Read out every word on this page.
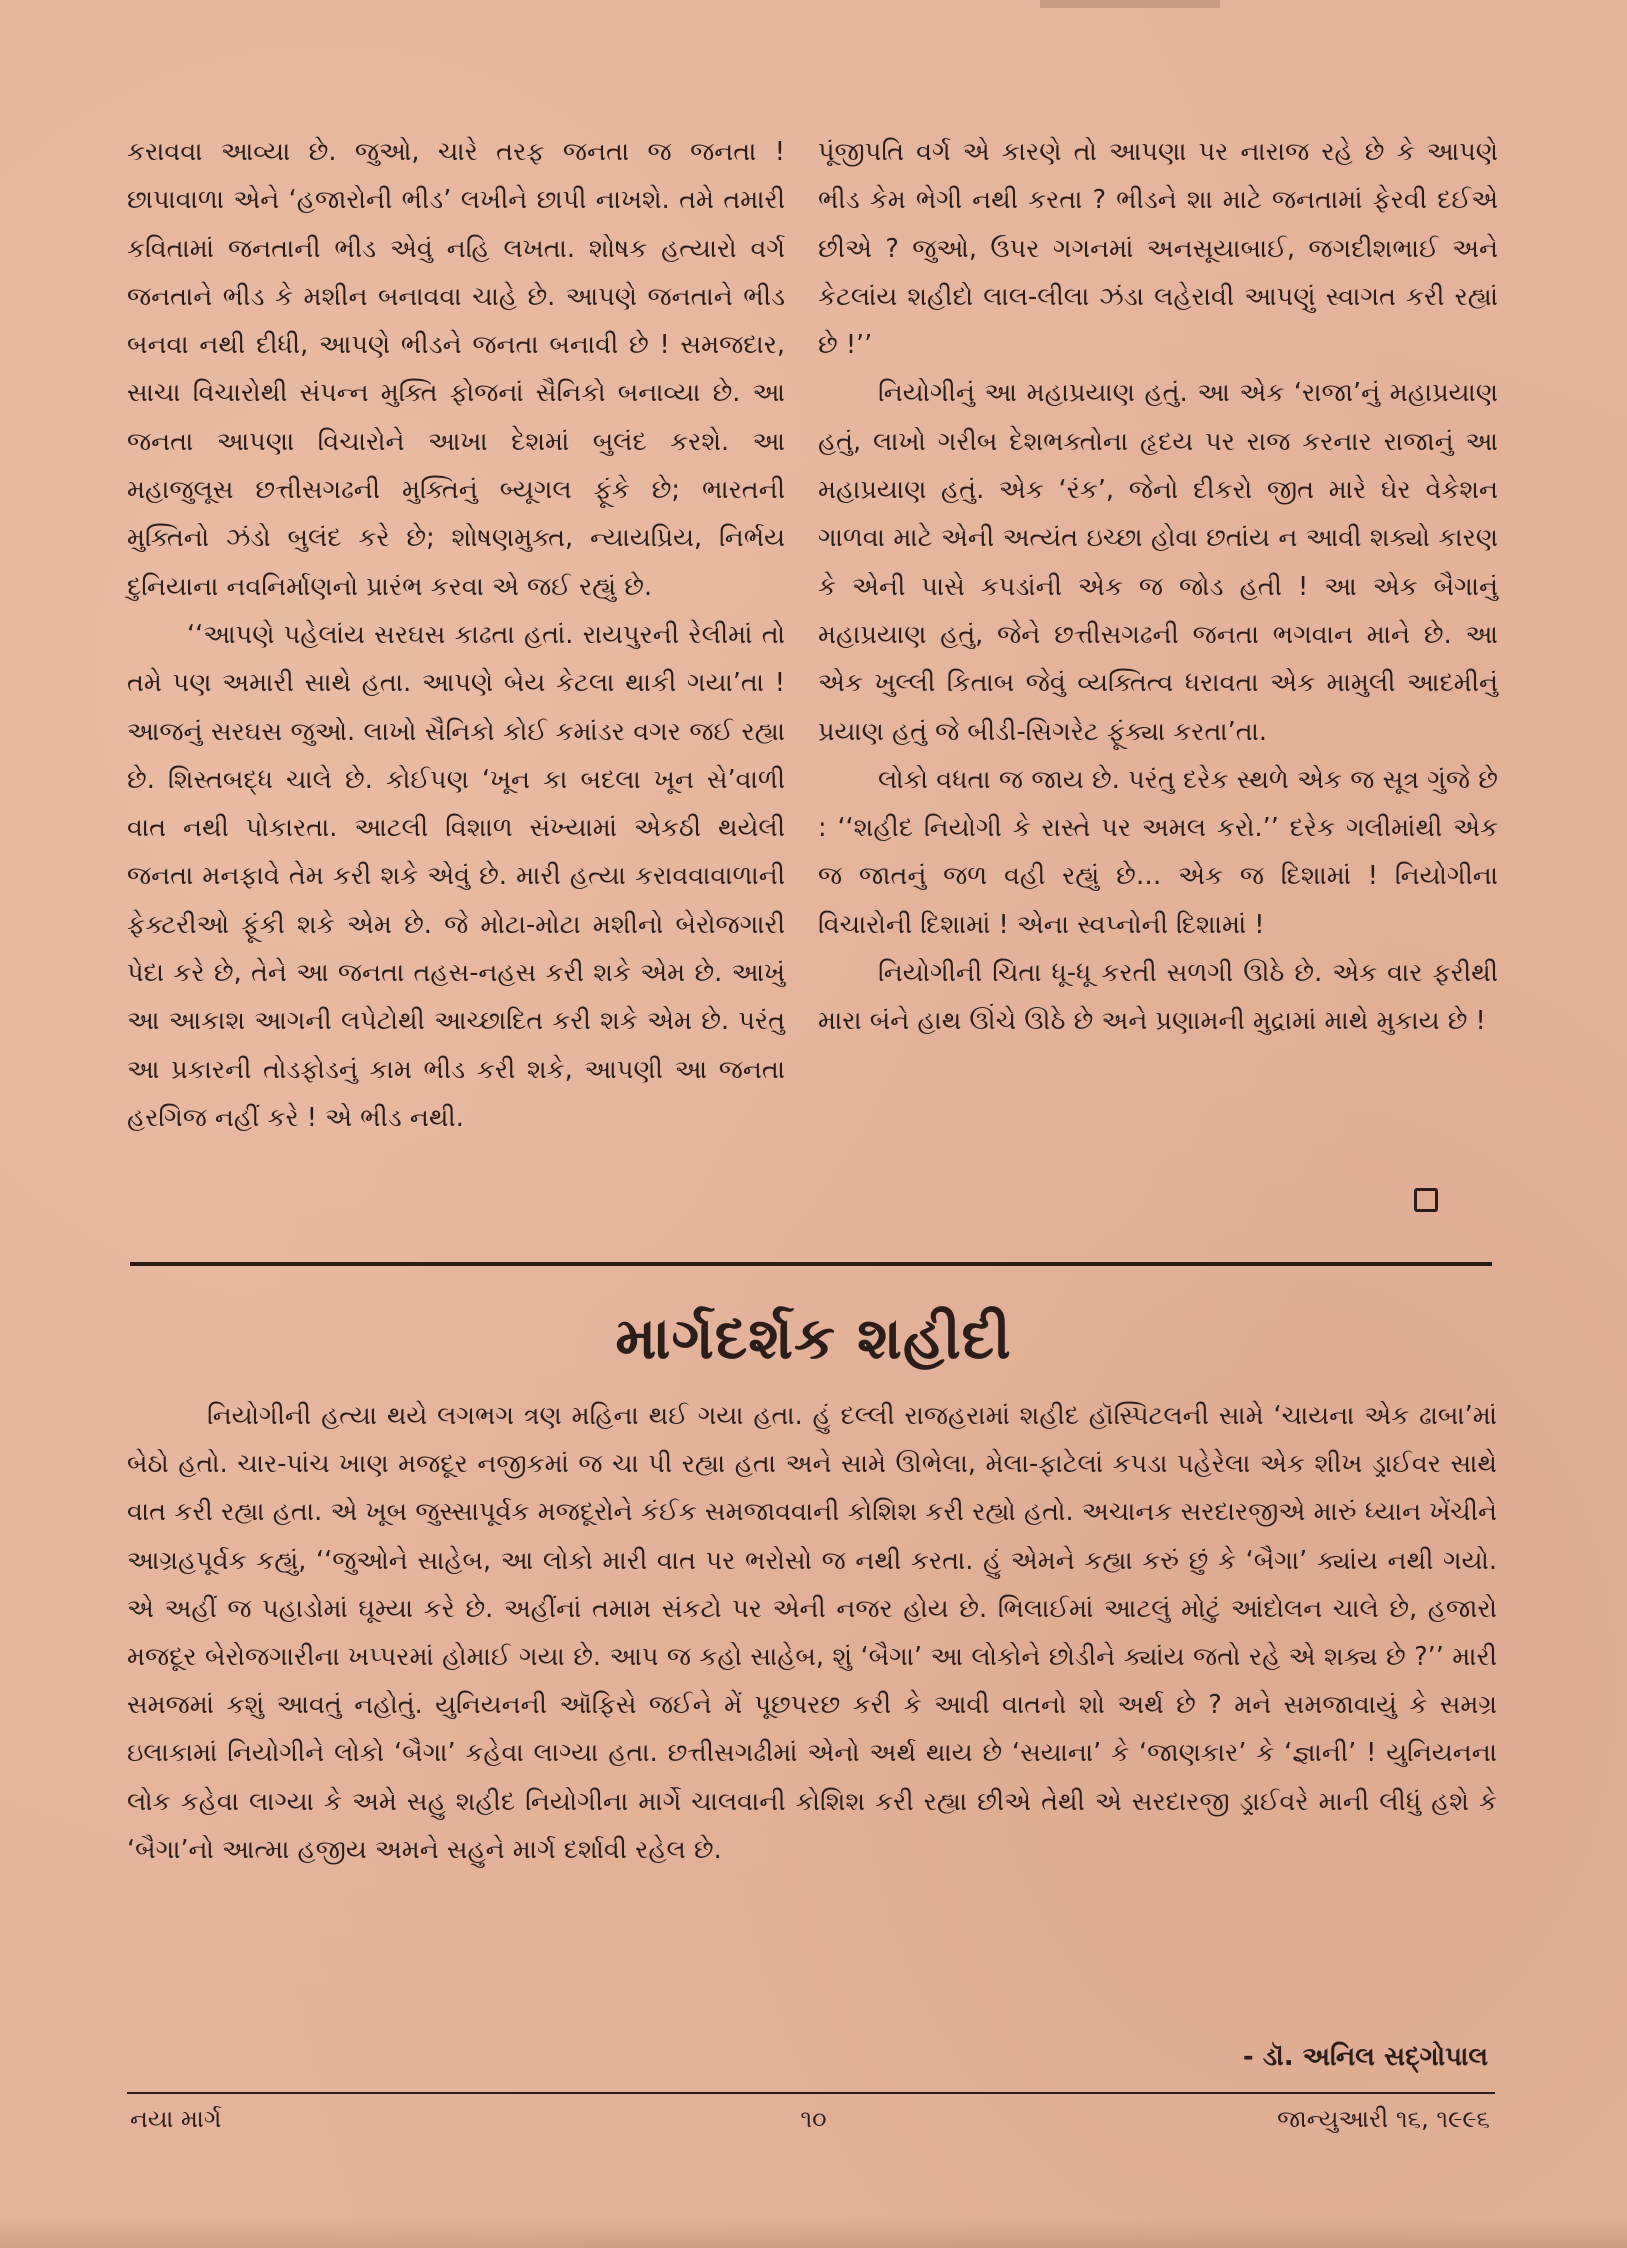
કરાવવા આવ્યા છે. જુઓ, ચારે તરફ જનતા જ જનતા ! છાપાવાળા એને ‘હજારોની ભીડ’ લખીને છાપી નાખશે. તમે તમારી કવિતામાં જનતાની ભીડ એવું નહિ લખતા. શોષક હત્યારો વર્ગ જનતાને ભીડ કે મશીન બનાવવા ચાહે છે. આપણે જનતાને ભીડ બનવા નથી દીધી, આપણે ભીડને જનતા બનાવી છે ! સમજદાર, સાચા વિચારોથી સંપન્ન મુક્તિ ફોજનાં સૈનિકો બનાવ્યા છે. આ જનતા આપણા વિચારોને આખા દેશમાં બુલંદ કરશે. આ મહાજુલૂસ છત્તીસગઢની મુક્તિનું બ્યૂગલ ફૂંકે છે; ભારતની મુક્તિનો ઝંડો બુલંદ કરે છે; શોષણમુક્ત, ન્યાયપ્રિય, નિર્ભય દુનિયાના નવનિર્માણનો પ્રારંભ કરવા એ જઈ રહ્યું છે.

‘‘આપણે પહેલાંય સરઘસ કાઢતા હતાં. રાયપુરની રેલીમાં તો તમે પણ અમારી સાથે હતા. આપણે બેય કેટલા થાકી ગયા’તા ! આજનું સરઘસ જુઓ. લાખો સૈનિકો કોઈ કમાંડર વગર જઈ રહ્યા છે. શિસ્તબદ્ધ ચાલે છે. કોઈપણ ‘ખૂન કા બદલા ખૂન સે’વાળી વાત નથી પોકારતા. આટલી વિશાળ સંખ્યામાં એકઠી થયેલી જનતા મનફાવે તેમ કરી શકે એવું છે. મારી હત્યા કરાવવાવાળાની ફેક્ટરીઓ ફૂંકી શકે એમ છે. જે મોટા-મોટા મશીનો બેરોજગારી પેદા કરે છે, તેને આ જનતા તહસ-નહસ કરી શકે એમ છે. આખું આ આકાશ આગની લપેટોથી આચ્છાદિત કરી શકે એમ છે. પરંતુ આ પ્રકારની તોડફોડનું કામ ભીડ કરી શકે, આપણી આ જનતા હરગિજ નહીં કરે ! એ ભીડ નથી.

પૂંજીપતિ વર્ગ એ કારણે તો આપણા પર નારાજ રહે છે કે આપણે ભીડ કેમ ભેગી નથી કરતા ? ભીડને શા માટે જનતામાં ફેરવી દઈએ છીએ ? જુઓ, ઉપર ગગનમાં અનસૂયાબાઈ, જગદીશભાઈ અને કેટલાંય શહીદો લાલ-લીલા ઝંડા લહેરાવી આપણું સ્વાગત કરી રહ્યાં છે !’’

નિયોગીનું આ મહાપ્રયાણ હતું. આ એક ‘રાજા’નું મહાપ્રયાણ હતું, લાખો ગરીબ દેશભક્તોના હૃદય પર રાજ કરનાર રાજાનું આ મહાપ્રયાણ હતું. એક ‘રંક’, જેનો દીકરો જીત મારે ઘેર વેકેશન ગાળવા માટે એની અત્યંત ઇચ્છા હોવા છતાંય ન આવી શક્યો કારણ કે એની પાસે કપડાંની એક જ જોડ હતી ! આ એક બૈગાનું મહાપ્રયાણ હતું, જેને છત્તીસગઢની જનતા ભગવાન માને છે. આ એક ખુલ્લી કિતાબ જેવું વ્યક્તિત્વ ધરાવતા એક મામુલી આદમીનું પ્રયાણ હતું જે બીડી-સિગરેટ ફૂંક્યા કરતા’તા.

લોકો વધતા જ જાય છે. પરંતુ દરેક સ્થળે એક જ સૂત્ર ગુંજે છે : ‘‘શહીદ નિયોગી કે રાસ્તે પર અમલ કરો.’’ દરેક ગલીમાંથી એક જ જાતનું જળ વહી રહ્યું છે… એક જ દિશામાં ! નિયોગીના વિચારોની દિશામાં ! એના સ્વપ્નોની દિશામાં !

નિયોગીની ચિતા ધૂ-ધૂ કરતી સળગી ઊઠે છે. એક વાર ફરીથી મારા બંને હાથ ઊંચે ઊઠે છે અને પ્રણામની મુદ્રામાં માથે મુકાય છે !

માર્ગદર્શક શહીદી

નિયોગીની હત્યા થયે લગભગ ત્રણ મહિના થઈ ગયા હતા. હું દલ્લી રાજહરામાં શહીદ હૉસ્પિટલની સામે ‘ચાયના એક ઢાબા’માં બેઠો હતો. ચાર-પાંચ ખાણ મજદૂર નજીકમાં જ ચા પી રહ્યા હતા અને સામે ઊભેલા, મેલા-ફાટેલાં કપડા પહેરેલા એક શીખ ડ્રાઈવર સાથે વાત કરી રહ્યા હતા. એ ખૂબ જુસ્સાપૂર્વક મજદૂરોને કંઈક સમજાવવાની કોશિશ કરી રહ્યો હતો. અચાનક સરદારજીએ મારું ધ્યાન ખેંચીને આગ્રહપૂર્વક કહ્યું, ‘‘જુઓને સાહેબ, આ લોકો મારી વાત પર ભરોસો જ નથી કરતા. હું એમને કહ્યા કરું છું કે ‘બૈગા’ ક્યાંય નથી ગયો. એ અહીં જ પહાડોમાં ઘૂમ્યા કરે છે. અહીંનાં તમામ સંકટો પર એની નજર હોય છે. ભિલાઈમાં આટલું મોટું આંદોલન ચાલે છે, હજારો મજદૂર બેરોજગારીના ખપ્પરમાં હોમાઈ ગયા છે. આપ જ કહો સાહેબ, શું ‘બૈગા’ આ લોકોને છોડીને ક્યાંય જતો રહે એ શક્ય છે ?’’ મારી સમજમાં કશું આવતું નહોતું. યુનિયનની ઑફિસે જઈને મેં પૂછપરછ કરી કે આવી વાતનો શો અર્થ છે ? મને સમજાવાયું કે સમગ્ર ઇલાકામાં નિયોગીને લોકો ‘બૈગા’ કહેવા લાગ્યા હતા. છત્તીસગઢીમાં એનો અર્થ થાય છે ‘સયાના’ કે ‘જાણકાર’ કે ‘જ્ઞાની’ ! યુનિયનના લોક કહેવા લાગ્યા કે અમે સહુ શહીદ નિયોગીના માર્ગે ચાલવાની કોશિશ કરી રહ્યા છીએ તેથી એ સરદારજી ડ્રાઈવરે માની લીધું હશે કે ‘બૈગા’નો આત્મા હજીય અમને સહુને માર્ગ દર્શાવી રહેલ છે.

- ડૉ. અનિલ સદ્‌ગોપાલ

નયા માર્ગ	૧૦	જાન્યુઆરી ૧૬, ૧૯૯૬
